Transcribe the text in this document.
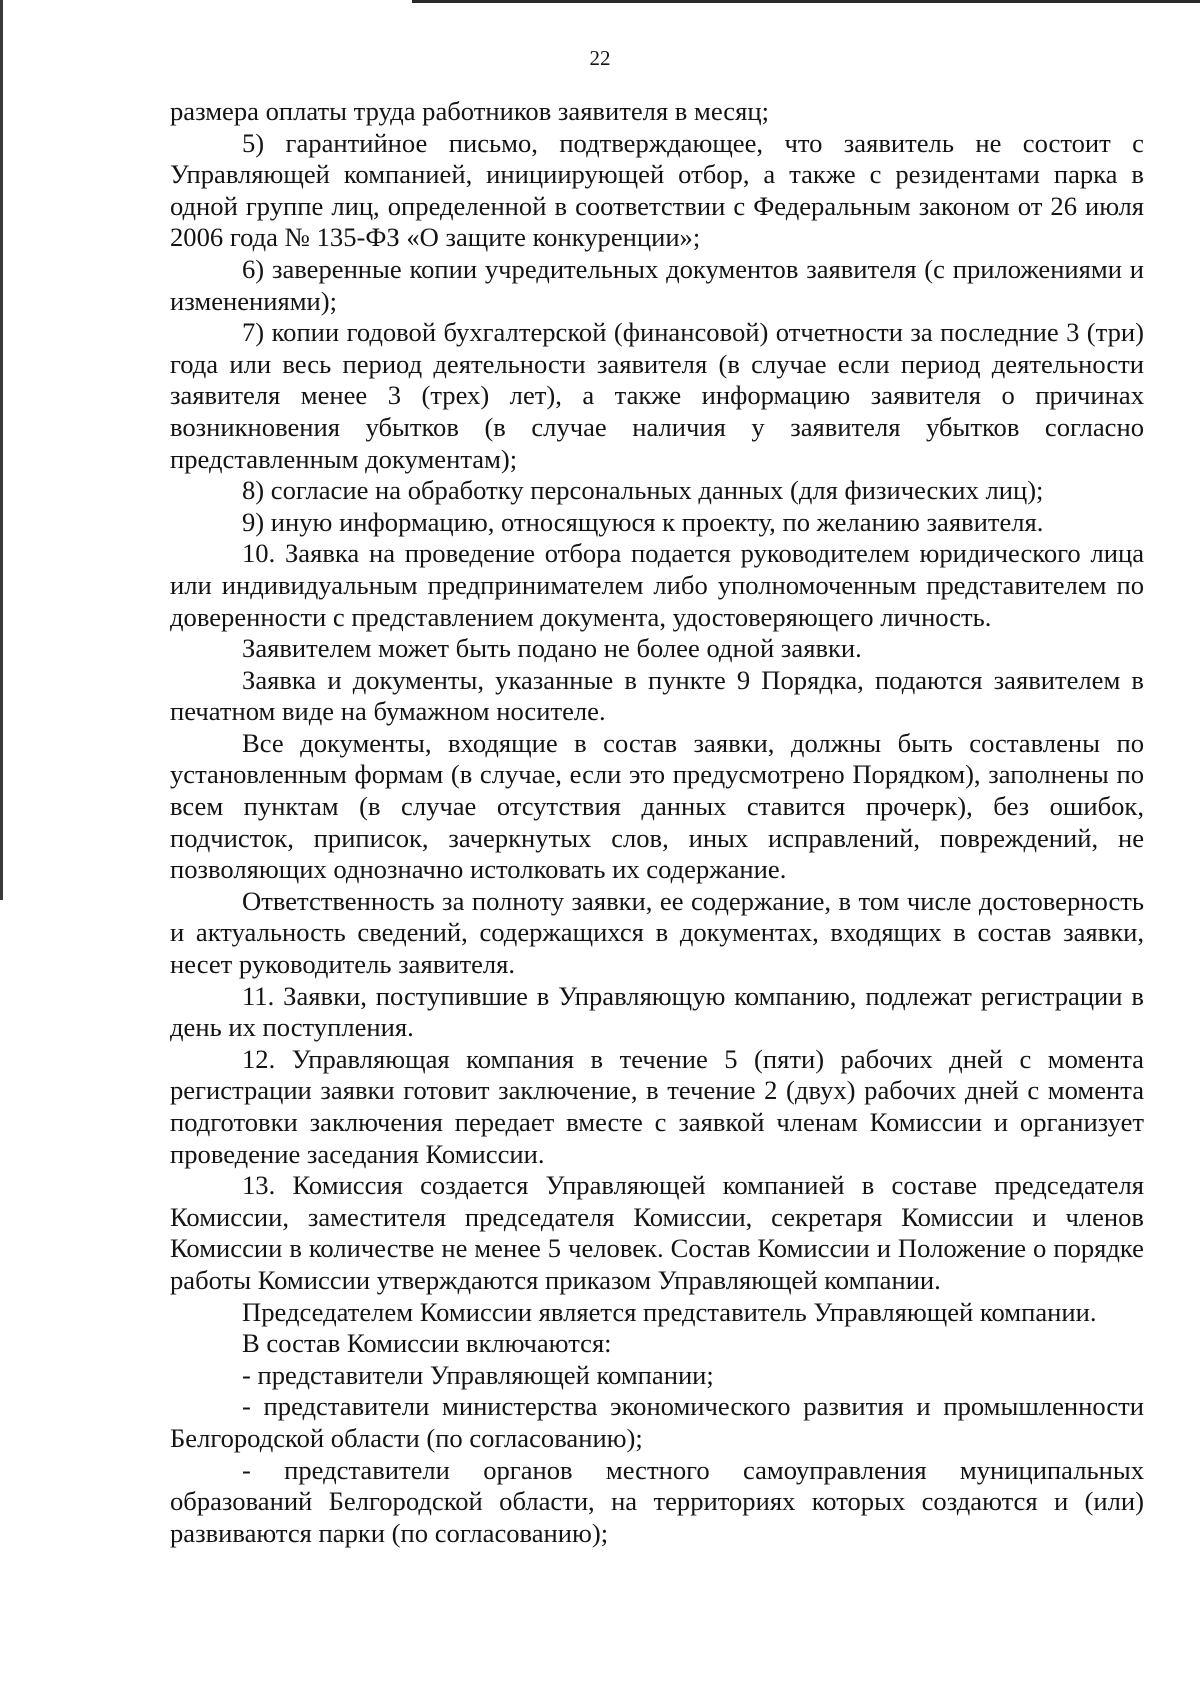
22

размера оплаты труда работников заявителя в месяц;

5) гарантийное письмо, подтверждающее, что заявитель не состоит с Управляющей компанией, инициирующей отбор, а также с резидентами парка в одной группе лиц, определенной в соответствии с Федеральным законом от 26 июля 2006 года № 135-ФЗ «О защите конкуренции»;

6) заверенные копии учредительных документов заявителя (с приложениями и изменениями);

7) копии годовой бухгалтерской (финансовой) отчетности за последние 3 (три) года или весь период деятельности заявителя (в случае если период деятельности заявителя менее 3 (трех) лет), а также информацию заявителя о причинах возникновения убытков (в случае наличия у заявителя убытков согласно представленным документам);

8) согласие на обработку персональных данных (для физических лиц);

9) иную информацию, относящуюся к проекту, по желанию заявителя.

10. Заявка на проведение отбора подается руководителем юридического лица или индивидуальным предпринимателем либо уполномоченным представителем по доверенности с представлением документа, удостоверяющего личность.

Заявителем может быть подано не более одной заявки.

Заявка и документы, указанные в пункте 9 Порядка, подаются заявителем в печатном виде на бумажном носителе.

Все документы, входящие в состав заявки, должны быть составлены по установленным формам (в случае, если это предусмотрено Порядком), заполнены по всем пунктам (в случае отсутствия данных ставится прочерк), без ошибок, подчисток, приписок, зачеркнутых слов, иных исправлений, повреждений, не позволяющих однозначно истолковать их содержание.

Ответственность за полноту заявки, ее содержание, в том числе достоверность и актуальность сведений, содержащихся в документах, входящих в состав заявки, несет руководитель заявителя.

11. Заявки, поступившие в Управляющую компанию, подлежат регистрации в день их поступления.

12. Управляющая компания в течение 5 (пяти) рабочих дней с момента регистрации заявки готовит заключение, в течение 2 (двух) рабочих дней с момента подготовки заключения передает вместе с заявкой членам Комиссии и организует проведение заседания Комиссии.

13. Комиссия создается Управляющей компанией в составе председателя Комиссии, заместителя председателя Комиссии, секретаря Комиссии и членов Комиссии в количестве не менее 5 человек. Состав Комиссии и Положение о порядке работы Комиссии утверждаются приказом Управляющей компании.

Председателем Комиссии является представитель Управляющей компании.

В состав Комиссии включаются:

- представители Управляющей компании;

- представители министерства экономического развития и промышленности Белгородской области (по согласованию);

- представители органов местного самоуправления муниципальных образований Белгородской области, на территориях которых создаются и (или) развиваются парки (по согласованию);
